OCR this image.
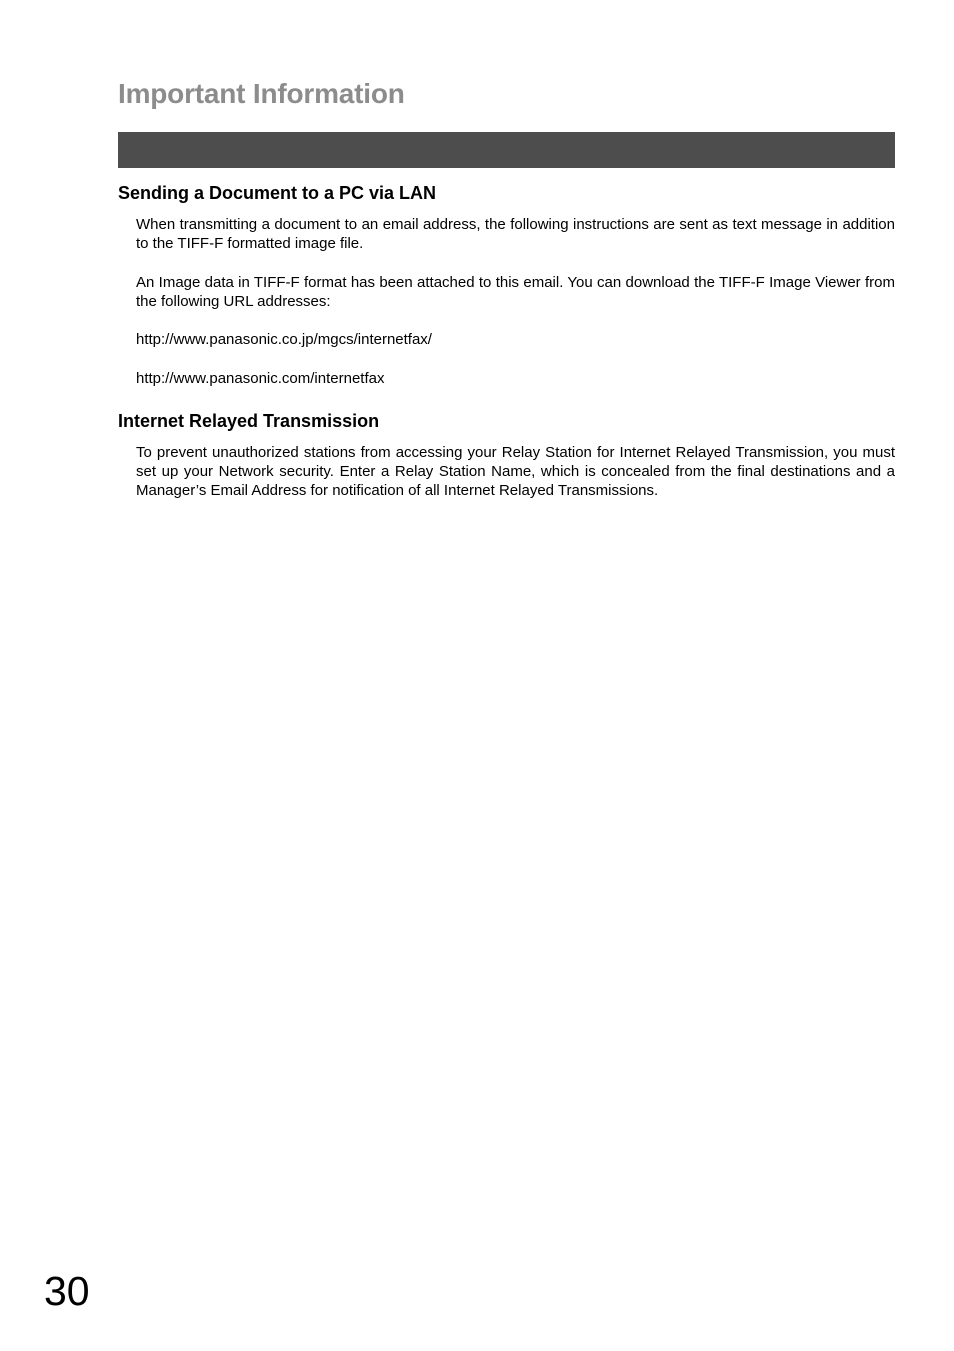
Important Information
Sending a Document to a PC via LAN

When transmitting a document to an email address, the following instructions are sent as text message in addition to the TIFF-F formatted image file.

An Image data in TIFF-F format has been attached to this email. You can download the TIFF-F Image Viewer from the following URL addresses:

http://www.panasonic.co.jp/mgcs/internetfax/

http://www.panasonic.com/internetfax

Internet Relayed Transmission

To prevent unauthorized stations from accessing your Relay Station for Internet Relayed Transmission, you must set up your Network security. Enter a Relay Station Name, which is concealed from the final destinations and a Manager’s Email Address for notification of all Internet Relayed Transmissions.

30
